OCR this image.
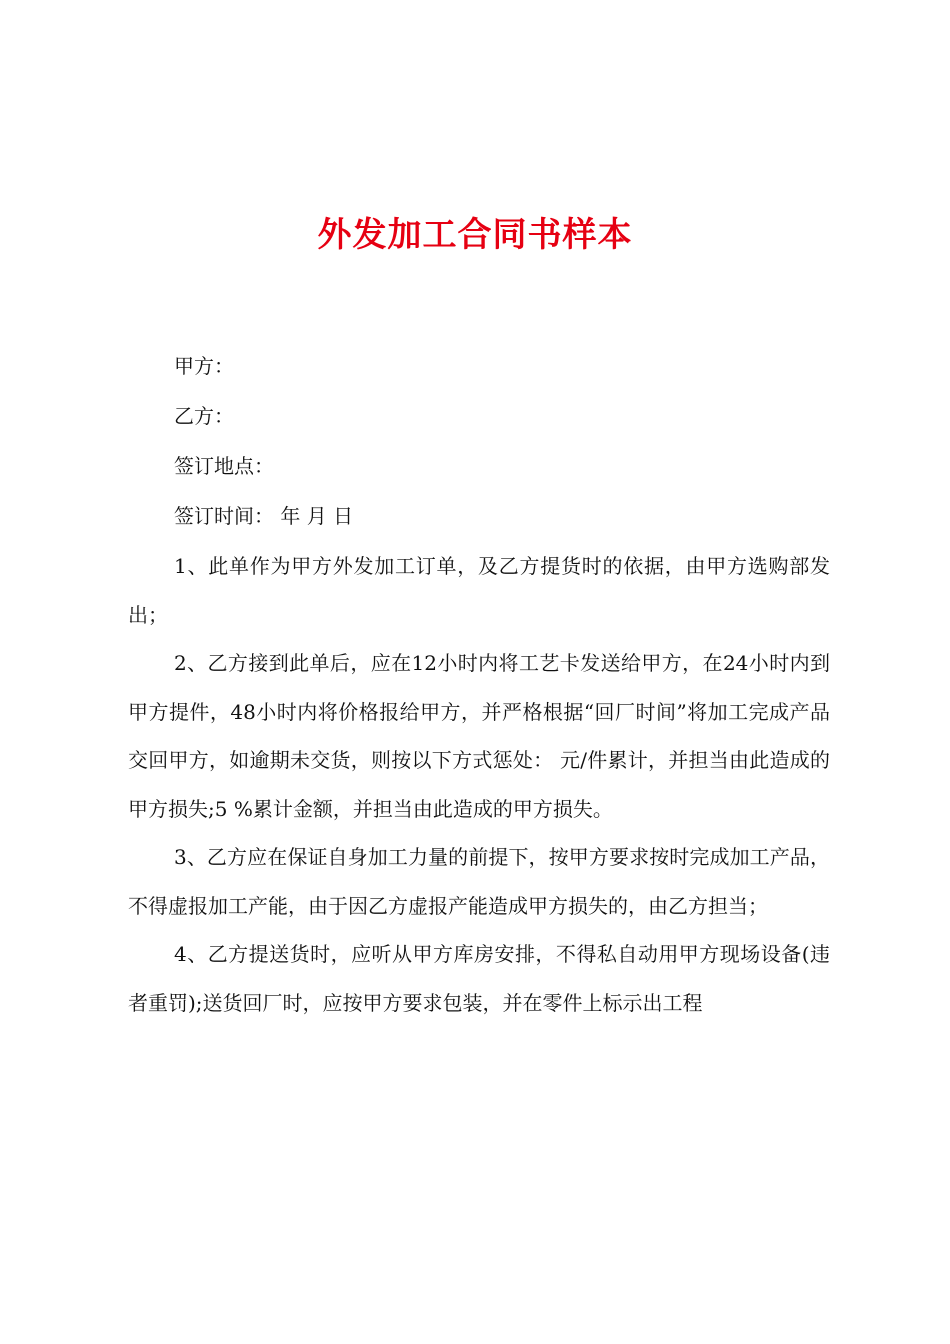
外发加工合同书样本

甲方：

乙方：

签订地点：

签订时间： 年 月 日

1、此单作为甲方外发加工订单，及乙方提货时的依据，由甲方选购部发出；

2、乙方接到此单后，应在12小时内将工艺卡发送给甲方，在24小时内到甲方提件，48小时内将价格报给甲方，并严格根据“回厂时间”将加工完成产品交回甲方，如逾期未交货，则按以下方式惩处： 元/件累计，并担当由此造成的甲方损失;5 %累计金额，并担当由此造成的甲方损失。

3、乙方应在保证自身加工力量的前提下，按甲方要求按时完成加工产品，不得虚报加工产能，由于因乙方虚报产能造成甲方损失的，由乙方担当；

4、乙方提送货时，应听从甲方库房安排，不得私自动用甲方现场设备(违者重罚);送货回厂时，应按甲方要求包装，并在零件上标示出工程
